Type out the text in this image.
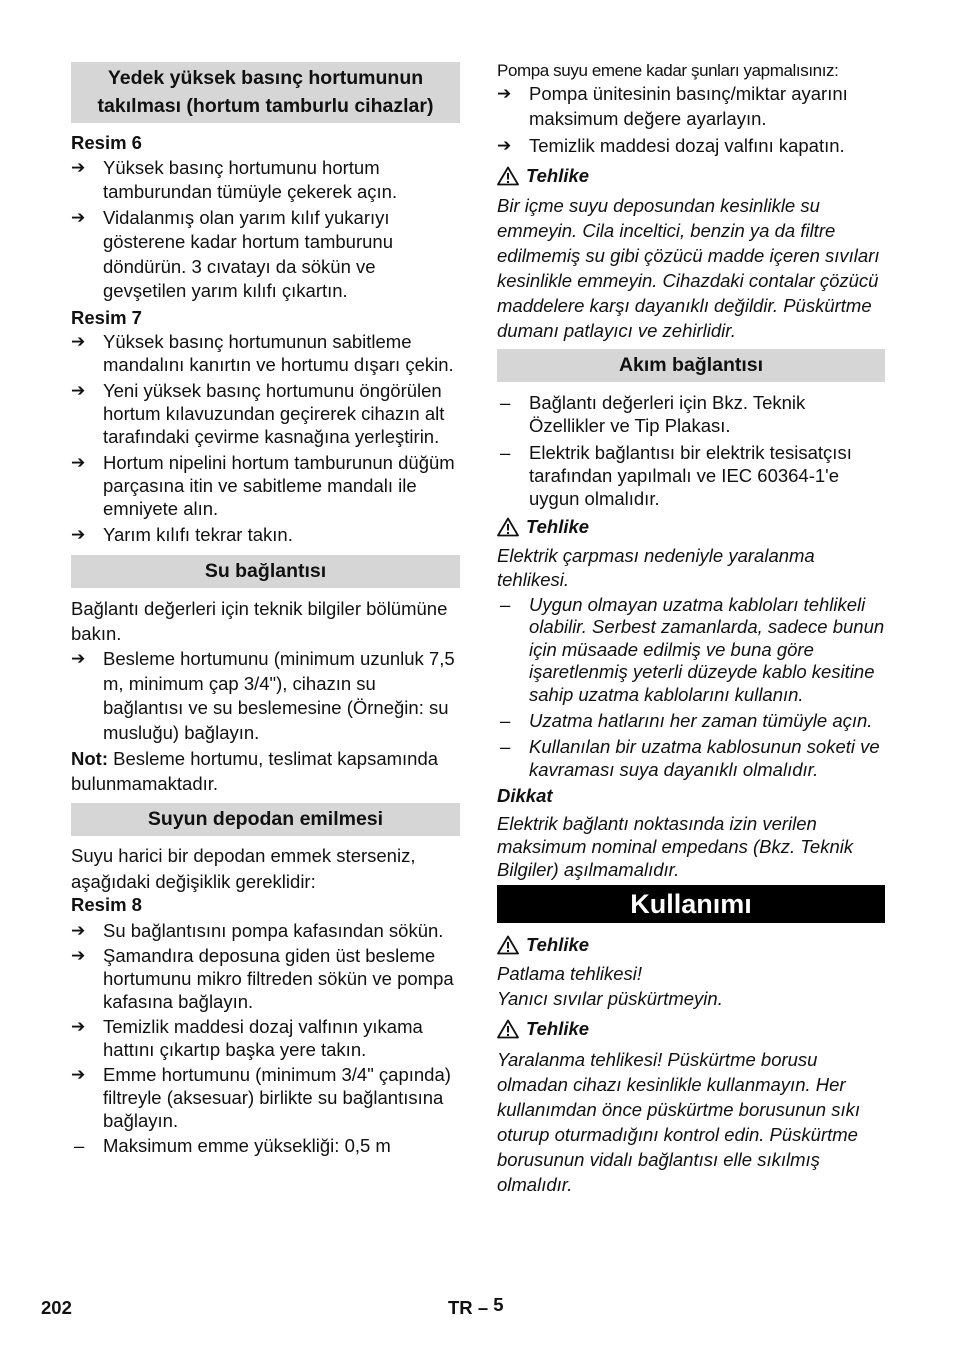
Yedek yüksek basınç hortumunun takılması (hortum tamburlu cihazlar)
Resim 6
➔ Yüksek basınç hortumunu hortum tamburundan tümüyle çekerek açın.
➔ Vidalanmış olan yarım kılıf yukarıyı gösterene kadar hortum tamburunu döndürün. 3 cıvatayı da sökün ve gevşetilen yarım kılıfı çıkartın.
Resim 7
➔ Yüksek basınç hortumunun sabitleme mandalını kanırtın ve hortumu dışarı çekin.
➔ Yeni yüksek basınç hortumunu öngörülen hortum kılavuzundan geçirerek cihazın alt tarafındaki çevirme kasnağına yerleştirin.
➔ Hortum nipelini hortum tamburunun düğüm parçasına itin ve sabitleme mandalı ile emniyete alın.
➔ Yarım kılıfı tekrar takın.
Su bağlantısı
Bağlantı değerleri için teknik bilgiler bölümüne bakın.
➔ Besleme hortumunu (minimum uzunluk 7,5 m, minimum çap 3/4"), cihazın su bağlantısı ve su beslemesine (Örneğin: su musluğu) bağlayın.
Not: Besleme hortumu, teslimat kapsamında bulunmamaktadır.
Suyun depodan emilmesi
Suyu harici bir depodan emmek sterseniz, aşağıdaki değişiklik gereklidir:
Resim 8
➔ Su bağlantısını pompa kafasından sökün.
➔ Şamandıra deposuna giden üst besleme hortumunu mikro filtreden sökün ve pompa kafasına bağlayın.
➔ Temizlik maddesi dozaj valfının yıkama hattını çıkartıp başka yere takın.
➔ Emme hortumunu (minimum 3/4" çapında) filtreyle (aksesuar) birlikte su bağlantısına bağlayın.
–	Maksimum emme yüksekliği: 0,5 m
Pompa suyu emene kadar şunları yapmalısınız:
➔ Pompa ünitesinin basınç/miktar ayarını maksimum değere ayarlayın.
➔ Temizlik maddesi dozaj valfını kapatın.
Tehlike
Bir içme suyu deposundan kesinlikle su emmeyin. Cila inceltici, benzin ya da filtre edilmemiş su gibi çözücü madde içeren sıvıları kesinlikle emmeyin. Cihazdaki contalar çözücü maddelere karşı dayanıklı değildir. Püskürtme dumanı patlayıcı ve zehirlidir.
Akım bağlantısı
–	Bağlantı değerleri için Bkz. Teknik Özellikler ve Tip Plakası.
–	Elektrik bağlantısı bir elektrik tesisatçısı tarafından yapılmalı ve IEC 60364-1'e uygun olmalıdır.
Tehlike
Elektrik çarpması nedeniyle yaralanma tehlikesi.
–	Uygun olmayan uzatma kabloları tehlikeli olabilir. Serbest zamanlarda, sadece bunun için müsaade edilmiş ve buna göre işaretlenmiş yeterli düzeyde kablo kesitine sahip uzatma kablolarını kullanın.
–	Uzatma hatlarını her zaman tümüyle açın.
–	Kullanılan bir uzatma kablosunun soketi ve kavraması suya dayanıklı olmalıdır.
Dikkat
Elektrik bağlantı noktasında izin verilen maksimum nominal empedans (Bkz. Teknik Bilgiler) aşılmamalıdır.
Kullanımı
Tehlike
Patlama tehlikesi!
Yanıcı sıvılar püskürtmeyin.
Tehlike
Yaralanma tehlikesi! Püskürtme borusu olmadan cihazı kesinlikle kullanmayın. Her kullanımdan önce püskürtme borusunun sıkı oturup oturmadığını kontrol edin. Püskürtme borusunun vidalı bağlantısı elle sıkılmış olmalıdır.
202	TR – 5
